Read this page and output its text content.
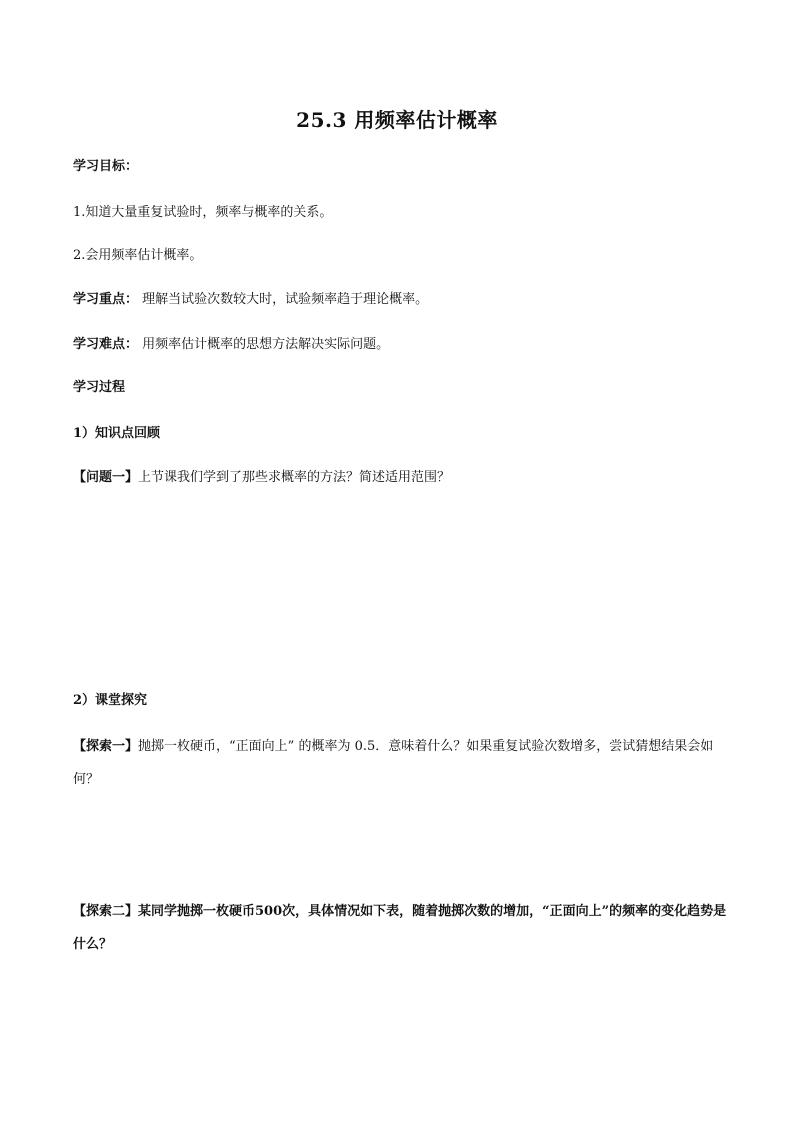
25.3 用频率估计概率
学习目标：
1.知道大量重复试验时，频率与概率的关系。
2.会用频率估计概率。
学习重点： 理解当试验次数较大时，试验频率趋于理论概率。
学习难点： 用频率估计概率的思想方法解决实际问题。
学习过程
1）知识点回顾
【问题一】上节课我们学到了那些求概率的方法？简述适用范围？
2）课堂探究
【探索一】抛掷一枚硬币，“正面向上” 的概率为 0.5．意味着什么？如果重复试验次数增多，尝试猜想结果会如何？
【探索二】某同学抛掷一枚硬币500次，具体情况如下表，随着抛掷次数的增加，“正面向上”的频率的变化趋势是什么？
